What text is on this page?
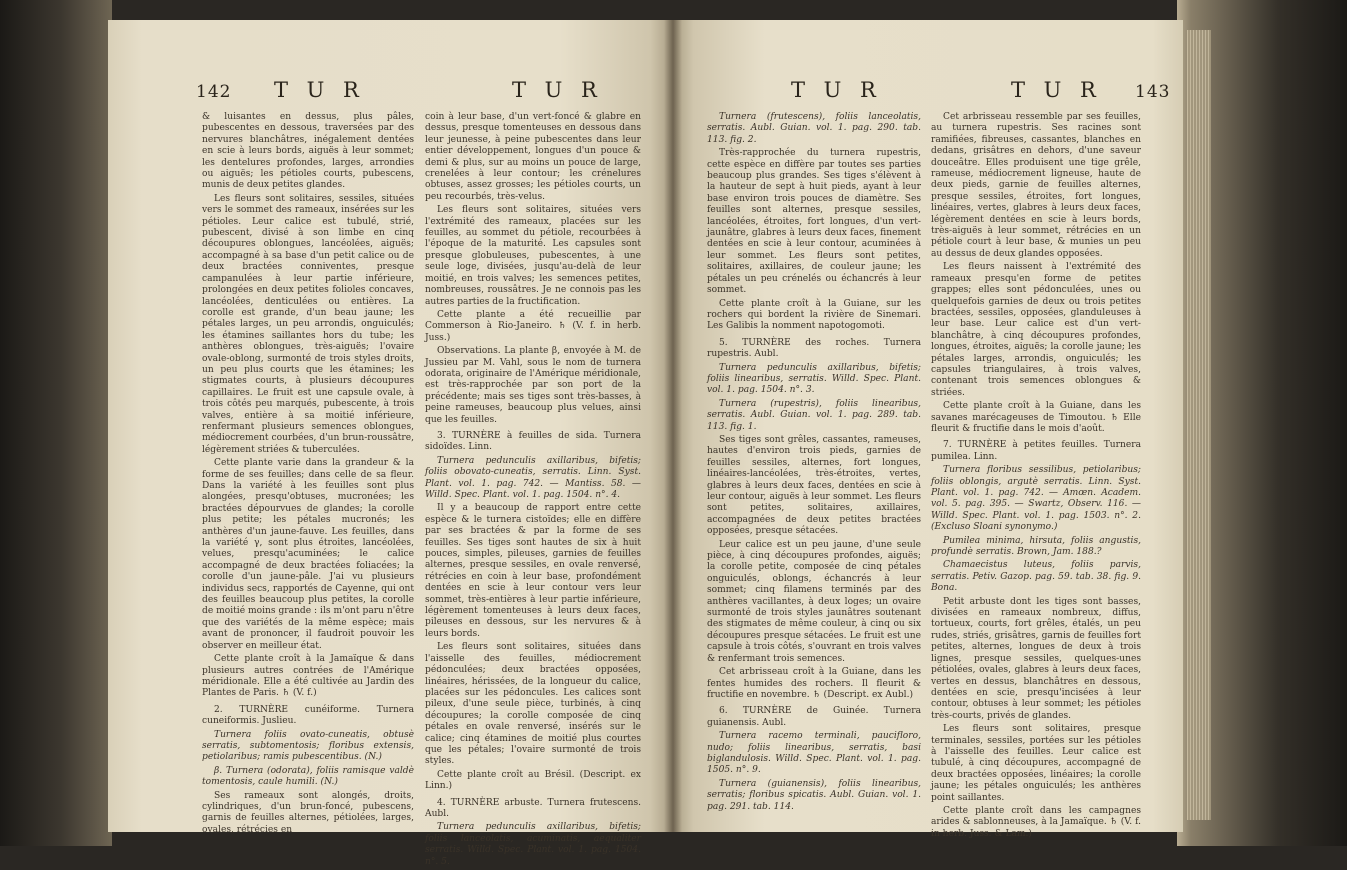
142 T U R	T U R

& luisantes en dessus, plus pâles, pubescentes en dessous, traversées par des nervures blanchâtres, inégalement dentées en scie à leurs bords, aiguës à leur sommet; les dentelures profondes, larges, arrondies ou aiguës; les pétioles courts, pubescens, munis de deux petites glandes.

Les fleurs sont solitaires, sessiles, situées vers le sommet des rameaux, insérées sur les pétioles. Leur calice est tubulé, strié, pubescent, divisé à son limbe en cinq découpures oblongues, lancéolées, aiguës; accompagné à sa base d'un petit calice ou de deux bractées conniventes, presque campanulées à leur partie inférieure, prolongées en deux petites folioles concaves, lancéolées, denticulées ou entières. La corolle est grande, d'un beau jaune; les pétales larges, un peu arrondis, onguiculés; les étamines saillantes hors du tube; les anthères oblongues, très-aiguës; l'ovaire ovale-oblong, surmonté de trois styles droits, un peu plus courts que les étamines; les stigmates courts, à plusieurs découpures capillaires. Le fruit est une capsule ovale, à trois côtés peu marqués, pubescente, à trois valves, entière à sa moitié inférieure, renfermant plusieurs semences oblongues, médiocrement courbées, d'un brun-roussâtre, légèrement striées & tuberculées.

Cette plante varie dans la grandeur & la forme de ses feuilles; dans celle de sa fleur. Dans la variété à les feuilles sont plus alongées, presqu'obtuses, mucronées; les bractées dépourvues de glandes; la corolle plus petite; les pétales mucronés; les anthères d'un jaune-fauve. Les feuilles, dans la variété γ, sont plus étroites, lancéolées, velues, presqu'acuminées; le calice accompagné de deux bractées foliacées; la corolle d'un jaune-pâle. J'ai vu plusieurs individus secs, rapportés de Cayenne, qui ont des feuilles beaucoup plus petites, la corolle de moitié moins grande : ils m'ont paru n'être que des variétés de la même espèce; mais avant de prononcer, il faudroit pouvoir les observer en meilleur état.

Cette plante croît à la Jamaïque & dans plusieurs autres contrées de l'Amérique méridionale. Elle a été cultivée au Jardin des Plantes de Paris. ♄ (V. f.)

2. TURNÈRE cunéiforme. Turnera cuneiformis. Juslieu.

Turnera foliis ovato-cuneatis, obtusè serratis, subtomentosis; floribus extensis, petiolaribus; ramis pubescentibus. (N.)

β. Turnera (odorata), foliis ramisque valdè tomentosis, caule humili. (N.)

Ses rameaux sont alongés, droits, cylindriques, d'un brun-foncé, pubescens, garnis de feuilles alternes, pétiolées, larges, ovales, rétrécies en

coin à leur base, d'un vert-foncé & glabre en dessus, presque tomenteuses en dessous dans leur jeunesse, à peine pubescentes dans leur entier développement, longues d'un pouce & demi & plus, sur au moins un pouce de large, crenelées à leur contour; les crénelures obtuses, assez grosses; les pétioles courts, un peu recourbés, très-velus.

Les fleurs sont solitaires, situées vers l'extrémité des rameaux, placées sur les feuilles, au sommet du pétiole, recourbées à l'époque de la maturité. Les capsules sont presque globuleuses, pubescentes, à une seule loge, divisées, jusqu'au-delà de leur moitié, en trois valves; les semences petites, nombreuses, roussâtres. Je ne connois pas les autres parties de la fructification.

Cette plante a été recueillie par Commerson à Rio-Janeiro. ♄ (V. f. in herb. Juss.)

Observations. La plante β, envoyée à M. de Jussieu par M. Vahl, sous le nom de turnera odorata, originaire de l'Amérique méridionale, est très-rapprochée par son port de la précédente; mais ses tiges sont très-basses, à peine rameuses, beaucoup plus velues, ainsi que les feuilles.

3. TURNÈRE à feuilles de sida. Turnera sidoïdes. Linn.

Turnera pedunculis axillaribus, bifetis; foliis obovato-cuneatis, serratis. Linn. Syst. Plant. vol. 1. pag. 742. — Mantiss. 58. — Willd. Spec. Plant. vol. 1. pag. 1504. n°. 4.

Il y a beaucoup de rapport entre cette espèce & le turnera cistoïdes; elle en diffère par ses bractées & par la forme de ses feuilles. Ses tiges sont hautes de six à huit pouces, simples, pileuses, garnies de feuilles alternes, presque sessiles, en ovale renversé, rétrécies en coin à leur base, profondément dentées en scie à leur contour vers leur sommet, très-entières à leur partie inférieure, légèrement tomenteuses à leurs deux faces, pileuses en dessous, sur les nervures & à leurs bords.

Les fleurs sont solitaires, situées dans l'aisselle des feuilles, médiocrement pédonculées; deux bractées opposées, linéaires, hérissées, de la longueur du calice, placées sur les pédoncules. Les calices sont pileux, d'une seule pièce, turbinés, à cinq découpures; la corolle composée de cinq pétales en ovale renversé, insérés sur le calice; cinq étamines de moitié plus courtes que les pétales; l'ovaire surmonté de trois styles.

Cette plante croît au Brésil. (Descript. ex Linn.)

4. TURNÈRE arbuste. Turnera frutescens. Aubl.

Turnera pedunculis axillaribus, bifetis; foliis lanceolatis, acuminatis, aequaliter serratis. Willd. Spec. Plant. vol. 1. pag. 1504. n°. 5.

T U R	T U R 143

Turnera (frutescens), foliis lanceolatis, serratis. Aubl. Guian. vol. 1. pag. 290. tab. 113. fig. 2.

Très-rapprochée du turnera rupestris, cette espèce en diffère par toutes ses parties beaucoup plus grandes. Ses tiges s'élèvent à la hauteur de sept à huit pieds, ayant à leur base environ trois pouces de diamètre. Ses feuilles sont alternes, presque sessiles, lancéolées, étroites, fort longues, d'un vert-jaunâtre, glabres à leurs deux faces, finement dentées en scie à leur contour, acuminées à leur sommet. Les fleurs sont petites, solitaires, axillaires, de couleur jaune; les pétales un peu crénelés ou échancrés à leur sommet.

Cette plante croît à la Guiane, sur les rochers qui bordent la rivière de Sinemari. Les Galibis la nomment napotogomoti.

5. TURNÈRE des roches. Turnera rupestris. Aubl.

Turnera pedunculis axillaribus, bifetis; foliis linearibus, serratis. Willd. Spec. Plant. vol. 1. pag. 1504. n°. 3.

Turnera (rupestris), foliis linearibus, serratis. Aubl. Guian. vol. 1. pag. 289. tab. 113. fig. 1.

Ses tiges sont grêles, cassantes, rameuses, hautes d'environ trois pieds, garnies de feuilles sessiles, alternes, fort longues, linéaires-lancéolées, très-étroites, vertes, glabres à leurs deux faces, dentées en scie à leur contour, aiguës à leur sommet. Les fleurs sont petites, solitaires, axillaires, accompagnées de deux petites bractées opposées, presque sétacées.

Leur calice est un peu jaune, d'une seule pièce, à cinq découpures profondes, aiguës; la corolle petite, composée de cinq pétales onguiculés, oblongs, échancrés à leur sommet; cinq filamens terminés par des anthères vacillantes, à deux loges; un ovaire surmonté de trois styles jaunâtres soutenant des stigmates de même couleur, à cinq ou six découpures presque sétacées. Le fruit est une capsule à trois côtés, s'ouvrant en trois valves & renfermant trois semences.

Cet arbrisseau croît à la Guiane, dans les fentes humides des rochers. Il fleurit & fructifie en novembre. ♄ (Descript. ex Aubl.)

6. TURNÈRE de Guinée. Turnera guianensis. Aubl.

Turnera racemo terminali, paucifloro, nudo; foliis linearibus, serratis, basi biglandulosis. Willd. Spec. Plant. vol. 1. pag. 1505. n°. 9.

Turnera (guianensis), foliis linearibus, serratis; floribus spicatis. Aubl. Guian. vol. 1. pag. 291. tab. 114.

Cet arbrisseau ressemble par ses feuilles, au turnera rupestris. Ses racines sont ramifiées, fibreuses, cassantes, blanches en dedans, grisâtres en dehors, d'une saveur douceâtre. Elles produisent une tige grêle, rameuse, médiocrement ligneuse, haute de deux pieds, garnie de feuilles alternes, presque sessiles, étroites, fort longues, linéaires, vertes, glabres à leurs deux faces, légèrement dentées en scie à leurs bords, très-aiguës à leur sommet, rétrécies en un pétiole court à leur base, & munies un peu au dessus de deux glandes opposées.

Les fleurs naissent à l'extrémité des rameaux presqu'en forme de petites grappes; elles sont pédonculées, unes ou quelquefois garnies de deux ou trois petites bractées, sessiles, opposées, glanduleuses à leur base. Leur calice est d'un vert-blanchâtre, à cinq découpures profondes, longues, étroites, aiguës; la corolle jaune; les pétales larges, arrondis, onguiculés; les capsules triangulaires, à trois valves, contenant trois semences oblongues & striées.

Cette plante croît à la Guiane, dans les savanes marécageuses de Timoutou. ♄ Elle fleurit & fructifie dans le mois d'août.

7. TURNÈRE à petites feuilles. Turnera pumilea. Linn.

Turnera floribus sessilibus, petiolaribus; foliis oblongis, argutè serratis. Linn. Syst. Plant. vol. 1. pag. 742. — Amœn. Academ. vol. 5. pag. 395. — Swartz, Observ. 116. — Willd. Spec. Plant. vol. 1. pag. 1503. n°. 2. (Excluso Sloani synonymo.)

Pumilea minima, hirsuta, foliis angustis, profundè serratis. Brown, Jam. 188.?

Chamaecistus luteus, foliis parvis, serratis. Petiv. Gazop. pag. 59. tab. 38. fig. 9. Bona.

Petit arbuste dont les tiges sont basses, divisées en rameaux nombreux, diffus, tortueux, courts, fort grêles, étalés, un peu rudes, striés, grisâtres, garnis de feuilles fort petites, alternes, longues de deux à trois lignes, presque sessiles, quelques-unes pétiolées, ovales, glabres à leurs deux faces, vertes en dessus, blanchâtres en dessous, dentées en scie, presqu'incisées à leur contour, obtuses à leur sommet; les pétioles très-courts, privés de glandes.

Les fleurs sont solitaires, presque terminales, sessiles, portées sur les pétioles à l'aisselle des feuilles. Leur calice est tubulé, à cinq découpures, accompagné de deux bractées opposées, linéaires; la corolle jaune; les pétales onguiculés; les anthères point saillantes.

Cette plante croît dans les campagnes arides & sablonneuses, à la Jamaïque. ♄ (V. f. in herb. Juss. & Lam.)
